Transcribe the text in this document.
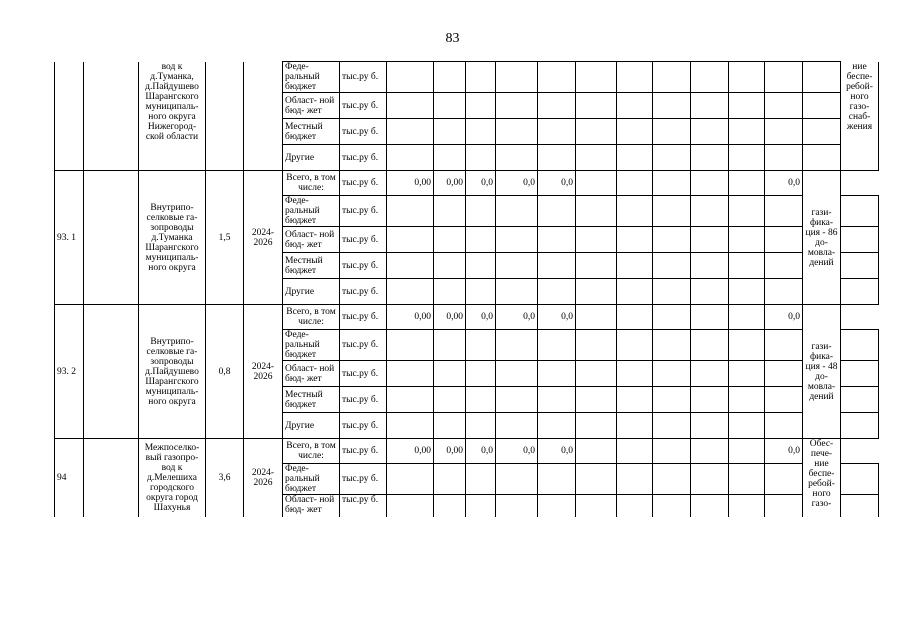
83
		вод к д.Туманка, д.Пайдушево Шарангского муниципаль- ного округа Нижегород- ской области			Феде- ральный бюджет	тыс.ру б.													ние беспе- ребой- ного газо- снаб- жения
					Област- ной бюд- жет	тыс.ру б.													
					Местный бюджет	тыс.ру б.													
					Другие	тыс.ру б.													
93. 1		Внутрипо- селковые га- зопроводы д.Туманка Шарангского муниципаль- ного округа	1,5	2024- 2026	Всего, в том числе:	тыс.ру б.	0,00	0,00	0,0	0,0	0,0						0,0	гази- фика- ция - 86 до- мовла- дений	
					Феде- ральный бюджет	тыс.ру б.													
					Област- ной бюд- жет	тыс.ру б.													
					Местный бюджет	тыс.ру б.													
					Другие	тыс.ру б.													
93. 2		Внутрипо- селковые га- зопроводы д.Пайдушево Шарангского муниципаль- ного округа	0,8	2024- 2026	Всего, в том числе:	тыс.ру б.	0,00	0,00	0,0	0,0	0,0						0,0	гази- фика- ция - 48 до- мовла- дений	
					Феде- ральный бюджет	тыс.ру б.													
					Област- ной бюд- жет	тыс.ру б.													
					Местный бюджет	тыс.ру б.													
					Другие	тыс.ру б.													
94		Межпоселко- вый газопро- вод к д.Мелешиха городского округа город Шахунья	3,6	2024- 2026	Всего, в том числе:	тыс.ру б.	0,00	0,00	0,0	0,0	0,0						0,0	Обес- пече- ние беспе- ребой- ного газо-	
					Феде- ральный бюджет	тыс.ру б.													
					Област- ной бюд- жет	тыс.ру б.													
